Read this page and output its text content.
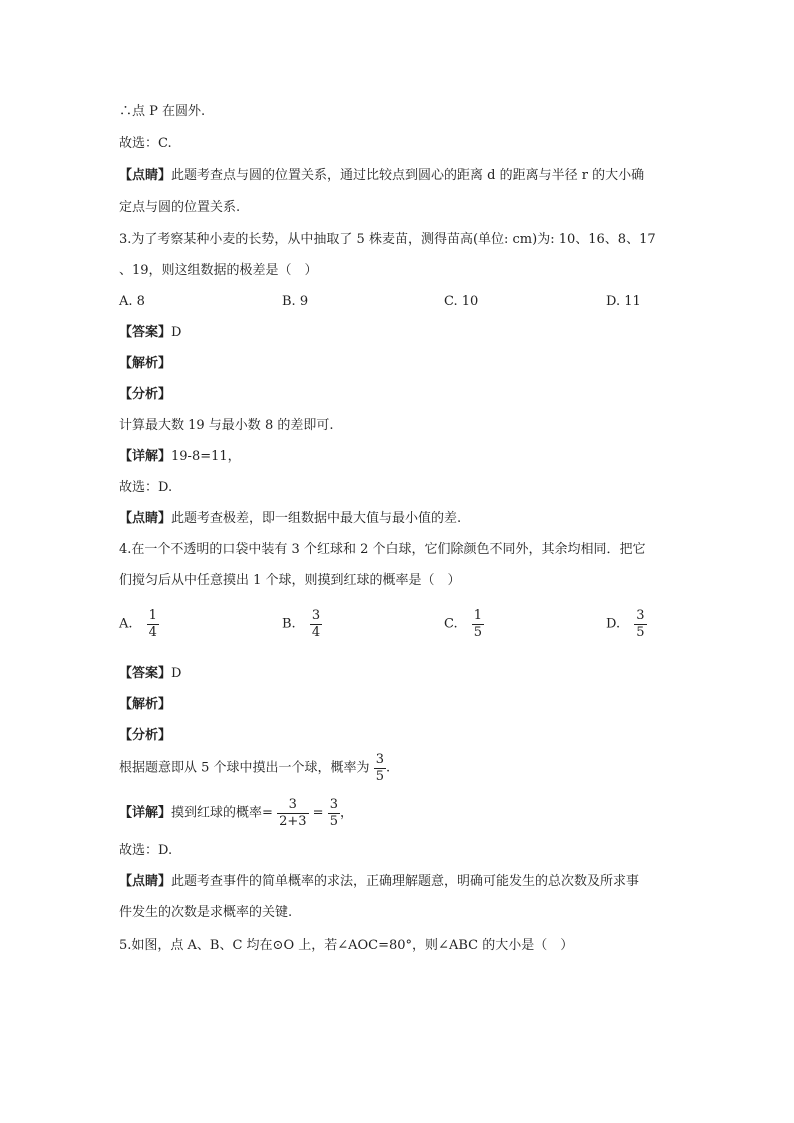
∴点 P 在圆外.
故选：C.
【点睛】此题考查点与圆的位置关系，通过比较点到圆心的距离 d 的距离与半径 r 的大小确
定点与圆的位置关系.
3.为了考察某种小麦的长势，从中抽取了 5 株麦苗，测得苗高(单位: cm)为: 10、16、8、17
、19，则这组数据的极差是（　）
A. 8	B. 9	C. 10	D. 11
【答案】D
【解析】
【分析】
计算最大数 19 与最小数 8 的差即可.
【详解】19-8=11，
故选：D.
【点睛】此题考查极差，即一组数据中最大值与最小值的差.
4.在一个不透明的口袋中装有 3 个红球和 2 个白球，它们除颜色不同外，其余均相同．把它
们搅匀后从中任意摸出 1 个球，则摸到红球的概率是（　）
A. $\frac{1}{4}$	B. $\frac{3}{4}$	C. $\frac{1}{5}$	D. $\frac{3}{5}$
【答案】D
【解析】
【分析】
根据题意即从 5 个球中摸出一个球，概率为 $\frac{3}{5}$ .
【详解】摸到红球的概率= $\frac{3}{2+3} = \frac{3}{5}$ ，
故选：D.
【点睛】此题考查事件的简单概率的求法，正确理解题意，明确可能发生的总次数及所求事
件发生的次数是求概率的关键.
5.如图，点 A、B、C 均在⊙O 上，若∠AOC=80°，则∠ABC 的大小是（　）
